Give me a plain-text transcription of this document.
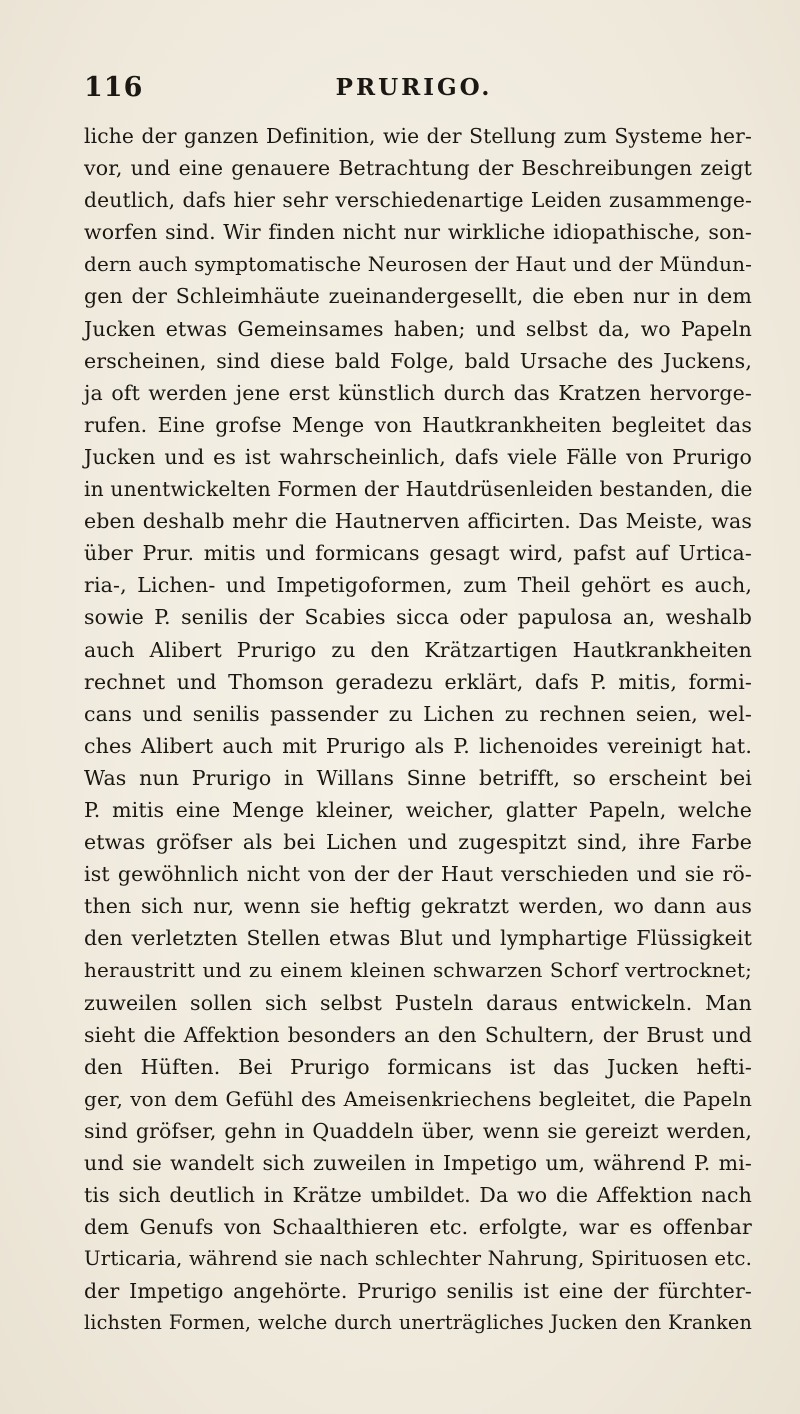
116	PRURIGO.
liche der ganzen Definition, wie der Stellung zum Systeme her-
vor, und eine genauere Betrachtung der Beschreibungen zeigt
deutlich, dafs hier sehr verschiedenartige Leiden zusammenge-
worfen sind. Wir finden nicht nur wirkliche idiopathische, son-
dern auch symptomatische Neurosen der Haut und der Mündun-
gen der Schleimhäute zueinandergesellt, die eben nur in dem
Jucken etwas Gemeinsames haben; und selbst da, wo Papeln
erscheinen, sind diese bald Folge, bald Ursache des Juckens,
ja oft werden jene erst künstlich durch das Kratzen hervorge-
rufen. Eine grofse Menge von Hautkrankheiten begleitet das
Jucken und es ist wahrscheinlich, dafs viele Fälle von Prurigo
in unentwickelten Formen der Hautdrüsenleiden bestanden, die
eben deshalb mehr die Hautnerven afficirten. Das Meiste, was
über Prur. mitis und formicans gesagt wird, pafst auf Urtica-
ria-, Lichen- und Impetigoformen, zum Theil gehört es auch,
sowie P. senilis der Scabies sicca oder papulosa an, weshalb
auch Alibert Prurigo zu den Krätzartigen Hautkrankheiten
rechnet und Thomson geradezu erklärt, dafs P. mitis, formi-
cans und senilis passender zu Lichen zu rechnen seien, wel-
ches Alibert auch mit Prurigo als P. lichenoides vereinigt hat.
Was nun Prurigo in Willans Sinne betrifft, so erscheint bei
P. mitis eine Menge kleiner, weicher, glatter Papeln, welche
etwas gröfser als bei Lichen und zugespitzt sind, ihre Farbe
ist gewöhnlich nicht von der der Haut verschieden und sie rö-
then sich nur, wenn sie heftig gekratzt werden, wo dann aus
den verletzten Stellen etwas Blut und lymphartige Flüssigkeit
heraustritt und zu einem kleinen schwarzen Schorf vertrocknet;
zuweilen sollen sich selbst Pusteln daraus entwickeln. Man
sieht die Affektion besonders an den Schultern, der Brust und
den Hüften. Bei Prurigo formicans ist das Jucken hefti-
ger, von dem Gefühl des Ameisenkriechens begleitet, die Papeln
sind gröfser, gehn in Quaddeln über, wenn sie gereizt werden,
und sie wandelt sich zuweilen in Impetigo um, während P. mi-
tis sich deutlich in Krätze umbildet. Da wo die Affektion nach
dem Genufs von Schaalthieren etc. erfolgte, war es offenbar
Urticaria, während sie nach schlechter Nahrung, Spirituosen etc.
der Impetigo angehörte. Prurigo senilis ist eine der fürchter-
lichsten Formen, welche durch unerträgliches Jucken den Kranken
